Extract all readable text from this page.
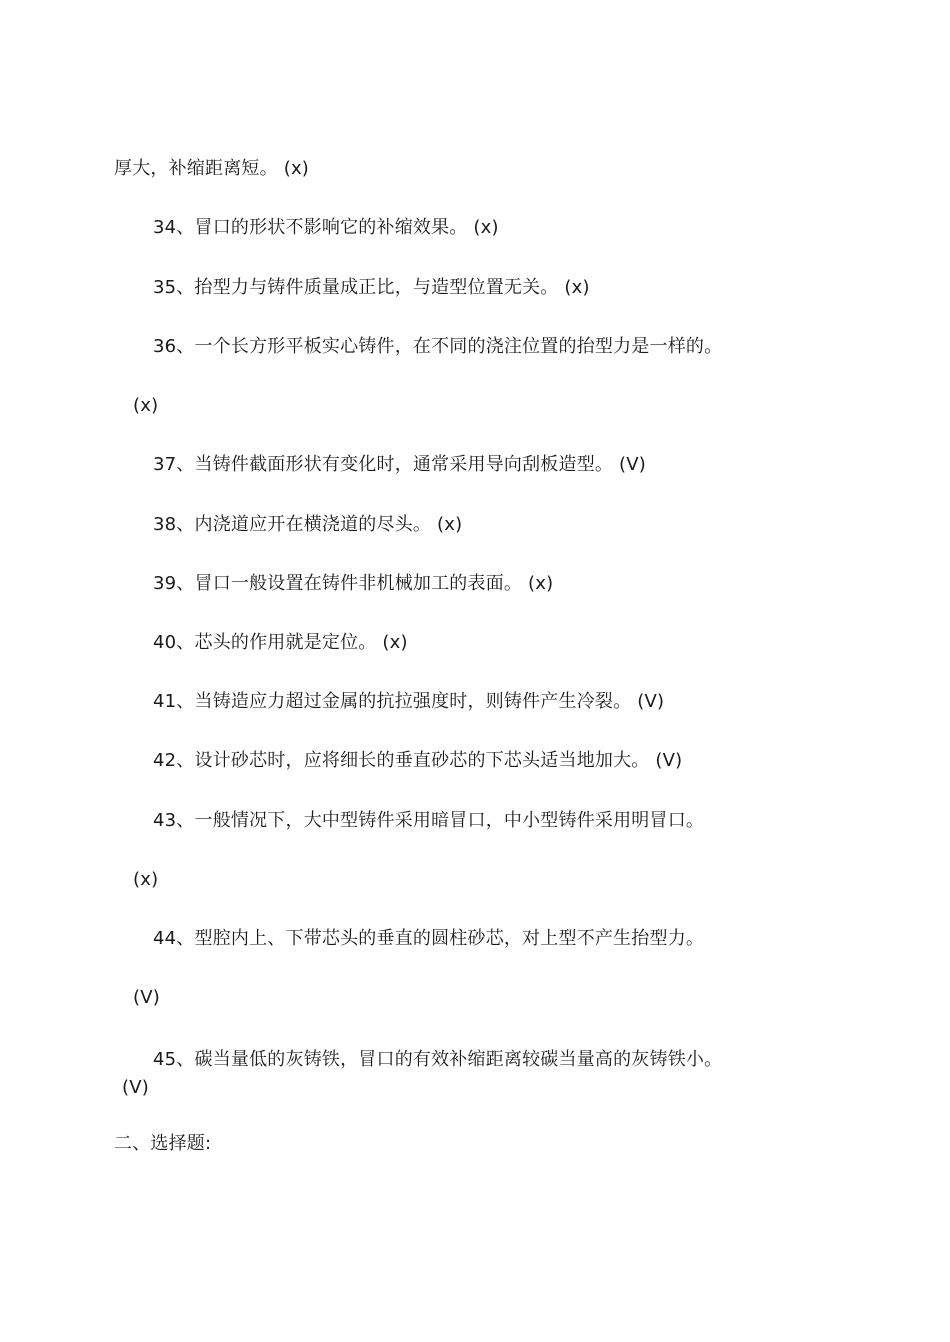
厚大，补缩距离短。 (x)
34、冒口的形状不影响它的补缩效果。 (x)
35、抬型力与铸件质量成正比，与造型位置无关。 (x)
36、一个长方形平板实心铸件，在不同的浇注位置的抬型力是一样的。
(x)
37、当铸件截面形状有变化时，通常采用导向刮板造型。 (V)
38、内浇道应开在横浇道的尽头。 (x)
39、冒口一般设置在铸件非机械加工的表面。 (x)
40、芯头的作用就是定位。 (x)
41、当铸造应力超过金属的抗拉强度时，则铸件产生冷裂。 (V)
42、设计砂芯时，应将细长的垂直砂芯的下芯头适当地加大。 (V)
43、一般情况下，大中型铸件采用暗冒口，中小型铸件采用明冒口。
(x)
44、型腔内上、下带芯头的垂直的圆柱砂芯，对上型不产生抬型力。
(V)
45、碳当量低的灰铸铁，冒口的有效补缩距离较碳当量高的灰铸铁小。
(V)
二、选择题:
